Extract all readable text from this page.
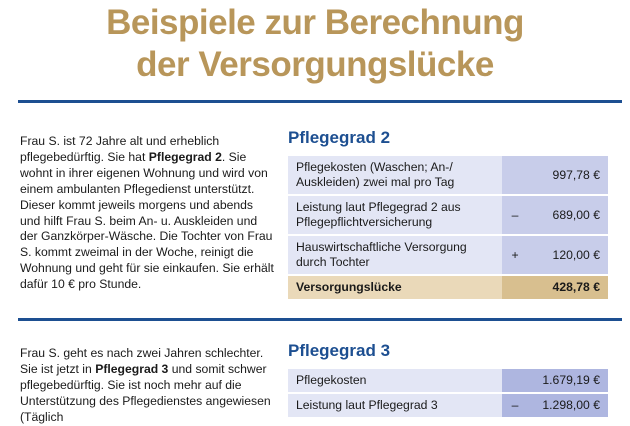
Beispiele zur Berechnung
der Versorgungslücke

Frau S. ist 72 Jahre alt und erheblich pflegebedürftig. Sie hat Pflegegrad 2. Sie wohnt in ihrer eigenen Wohnung und wird von einem ambulanten Pflegedienst unterstützt. Dieser kommt jeweils morgens und abends und hilft Frau S. beim An- u. Auskleiden und der Ganzkörper-Wäsche. Die Tochter von Frau S. kommt zweimal in der Woche, reinigt die Wohnung und geht für sie einkaufen. Sie erhält dafür 10 € pro Stunde.

Pflegegrad 2
Pflegekosten (Waschen; An-/ Auskleiden) zwei mal pro Tag		997,78 €
Leistung laut Pflegegrad 2 aus Pflegepflichtversicherung	–	689,00 €
Hauswirtschaftliche Versorgung durch Tochter	+	120,00 €
Versorgungslücke		428,78 €

Frau S. geht es nach zwei Jahren schlechter. Sie ist jetzt in Pflegegrad 3 und somit schwer pflegebedürftig. Sie ist noch mehr auf die Unterstützung des Pflegedienstes angewiesen (Täglich

Pflegegrad 3
Pflegekosten		1.679,19 €
Leistung laut Pflegegrad 3	–	1.298,00 €
